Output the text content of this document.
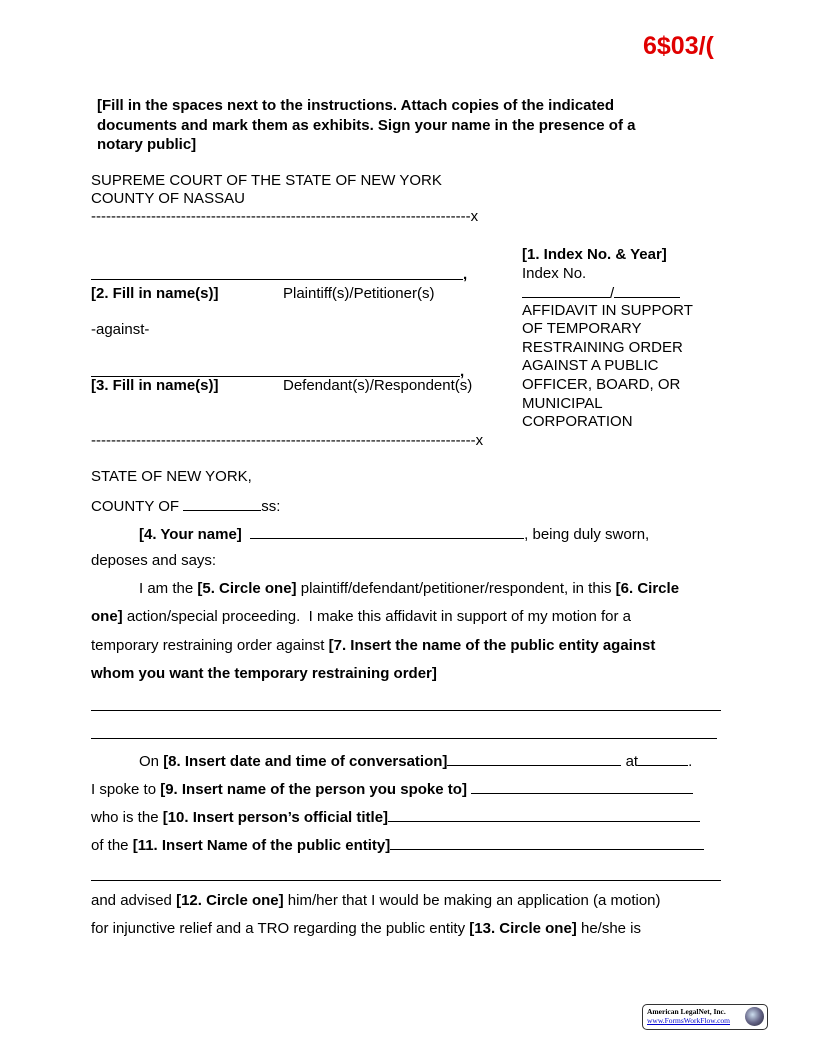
6$03/(
[Fill in the spaces next to the instructions. Attach copies of the indicated
documents and mark them as exhibits. Sign your name in the presence of a
notary public]
SUPREME COURT OF THE STATE OF NEW YORK
COUNTY OF NASSAU
----------------------------------------------------------------------------x
[1. Index No. & Year]
Index No.
/
AFFIDAVIT IN SUPPORT
OF TEMPORARY
RESTRAINING ORDER
AGAINST A PUBLIC
OFFICER, BOARD, OR
MUNICIPAL
CORPORATION
,
[2. Fill in name(s)]	Plaintiff(s)/Petitioner(s)
-against-
,
[3. Fill in name(s)]	Defendant(s)/Respondent(s)
-----------------------------------------------------------------------------x
STATE OF NEW YORK,
COUNTY OF	ss:
[4. Your name]	, being duly sworn,
deposes and says:
I am the [5. Circle one] plaintiff/defendant/petitioner/respondent, in this [6. Circle
one] action/special proceeding.  I make this affidavit in support of my motion for a
temporary restraining order against [7. Insert the name of the public entity against
whom you want the temporary restraining order]
On [8. Insert date and time of conversation]	at	.
I spoke to [9. Insert name of the person you spoke to]
who is the [10. Insert person’s official title]
of the [11. Insert Name of the public entity]
and advised [12. Circle one] him/her that I would be making an application (a motion)
for injunctive relief and a TRO regarding the public entity [13. Circle one] he/she is
American LegalNet, Inc.
www.FormsWorkFlow.com
